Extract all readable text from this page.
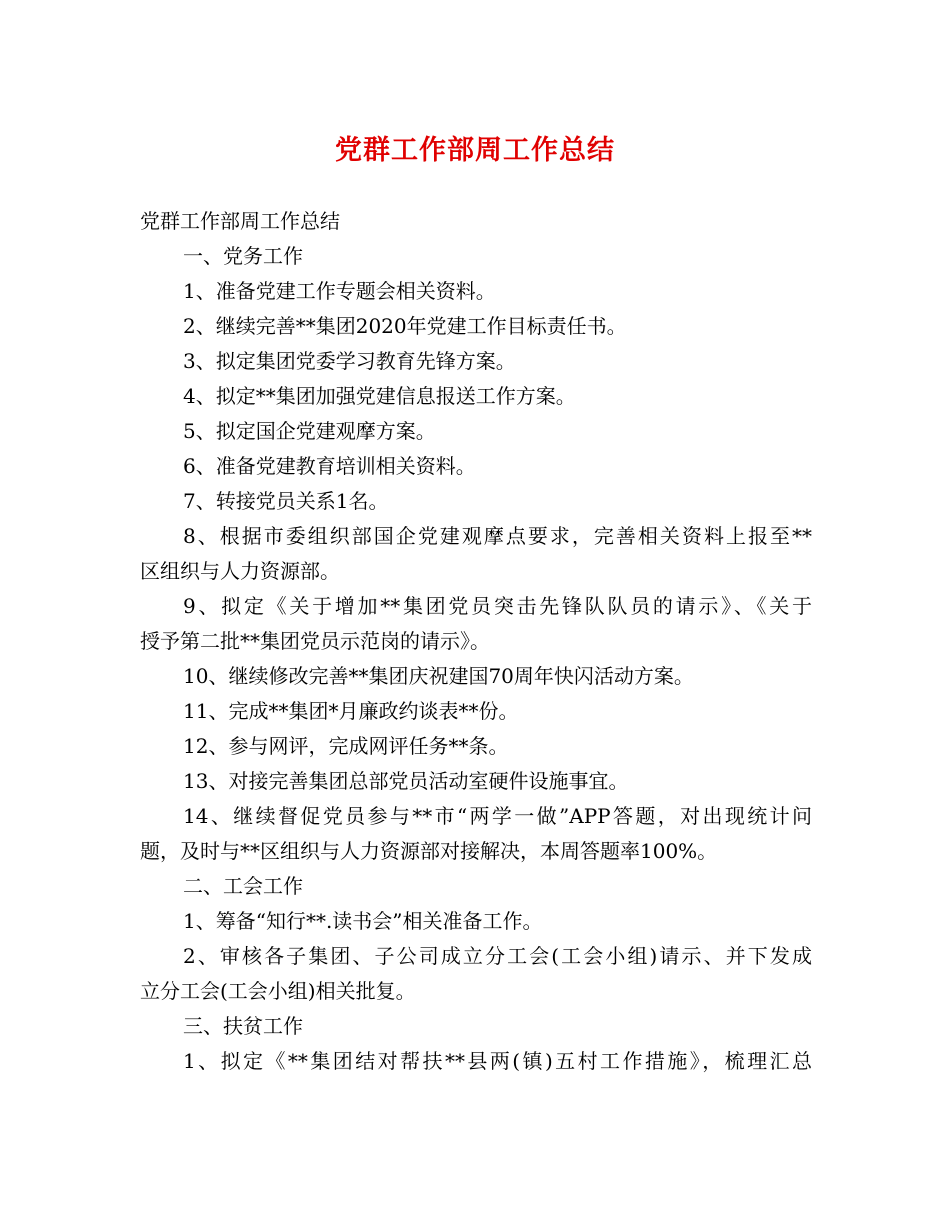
党群工作部周工作总结

党群工作部周工作总结

一、党务工作

1、准备党建工作专题会相关资料。

2、继续完善**集团2020年党建工作目标责任书。

3、拟定集团党委学习教育先锋方案。

4、拟定**集团加强党建信息报送工作方案。

5、拟定国企党建观摩方案。

6、准备党建教育培训相关资料。

7、转接党员关系1名。

8、根据市委组织部国企党建观摩点要求，完善相关资料上报至**

区组织与人力资源部。

9、拟定《关于增加**集团党员突击先锋队队员的请示》、《关于

授予第二批**集团党员示范岗的请示》。

10、继续修改完善**集团庆祝建国70周年快闪活动方案。

11、完成**集团*月廉政约谈表**份。

12、参与网评，完成网评任务**条。

13、对接完善集团总部党员活动室硬件设施事宜。

14、继续督促党员参与**市“两学一做”APP答题，对出现统计问

题，及时与**区组织与人力资源部对接解决，本周答题率100%。

二、工会工作

1、筹备“知行**.读书会”相关准备工作。

2、审核各子集团、子公司成立分工会(工会小组)请示、并下发成

立分工会(工会小组)相关批复。

三、扶贫工作

1、拟定《**集团结对帮扶**县两(镇)五村工作措施》，梳理汇总
